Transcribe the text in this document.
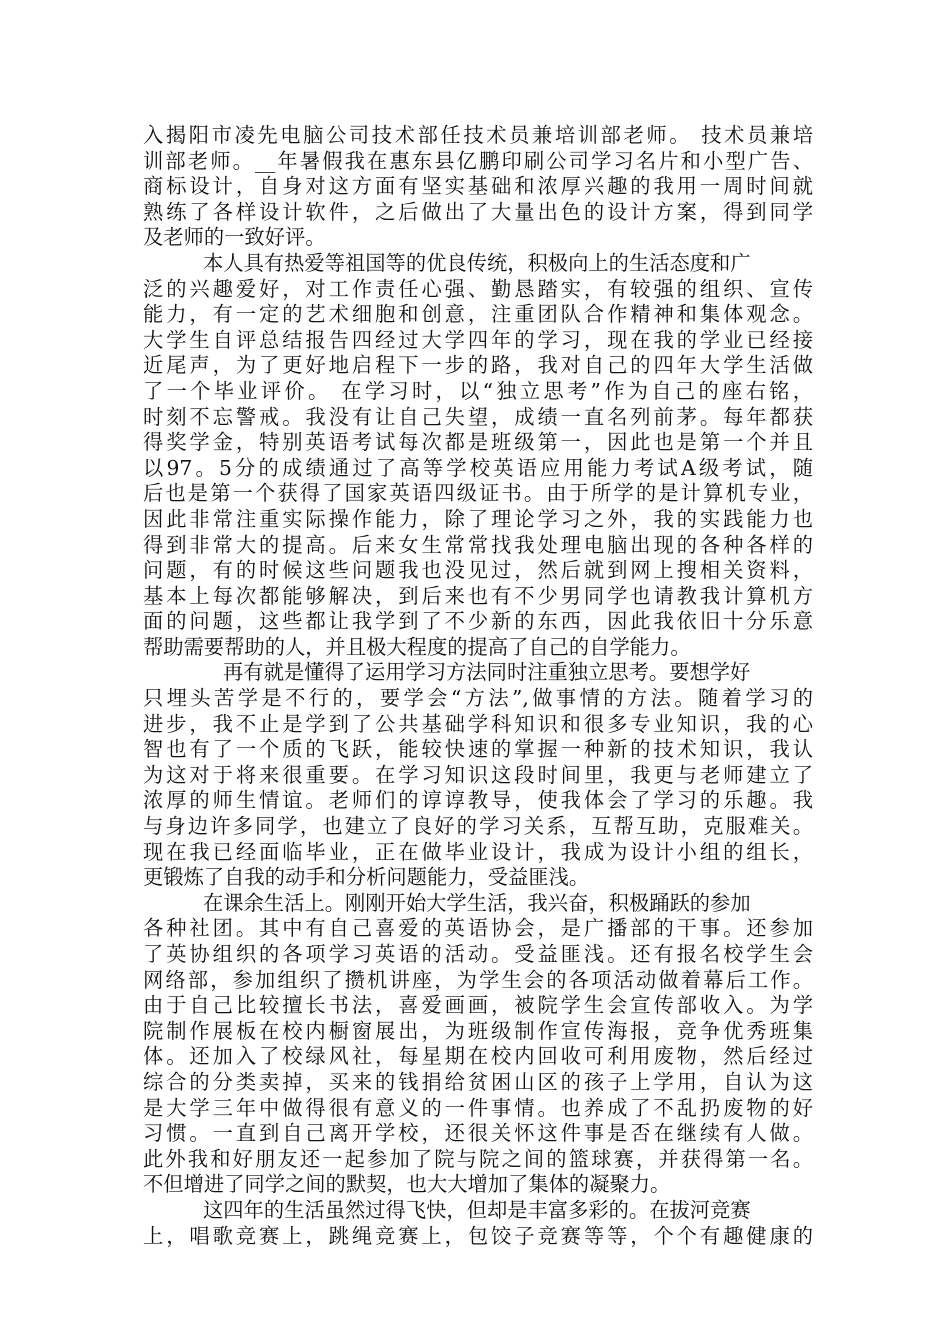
入揭阳市凌先电脑公司技术部任技术员兼培训部老师。 技术员兼培
训部老师。__年暑假我在惠东县亿鹏印刷公司学习名片和小型广告、
商标设计，自身对这方面有坚实基础和浓厚兴趣的我用一周时间就
熟练了各样设计软件，之后做出了大量出色的设计方案，得到同学
及老师的一致好评。
本人具有热爱等祖国等的优良传统，积极向上的生活态度和广
泛的兴趣爱好，对工作责任心强、勤恳踏实，有较强的组织、宣传
能力，有一定的艺术细胞和创意，注重团队合作精神和集体观念。
大学生自评总结报告四经过大学四年的学习，现在我的学业已经接
近尾声，为了更好地启程下一步的路，我对自己的四年大学生活做
了一个毕业评价。 在学习时，以“独立思考”作为自己的座右铭，
时刻不忘警戒。我没有让自己失望，成绩一直名列前茅。每年都获
得奖学金，特别英语考试每次都是班级第一，因此也是第一个并且
以97。5分的成绩通过了高等学校英语应用能力考试A级考试，随
后也是第一个获得了国家英语四级证书。由于所学的是计算机专业，
因此非常注重实际操作能力，除了理论学习之外，我的实践能力也
得到非常大的提高。后来女生常常找我处理电脑出现的各种各样的
问题，有的时候这些问题我也没见过，然后就到网上搜相关资料，
基本上每次都能够解决，到后来也有不少男同学也请教我计算机方
面的问题，这些都让我学到了不少新的东西，因此我依旧十分乐意
帮助需要帮助的人，并且极大程度的提高了自己的自学能力。
再有就是懂得了运用学习方法同时注重独立思考。要想学好
只埋头苦学是不行的，要学会“方法”,做事情的方法。随着学习的
进步，我不止是学到了公共基础学科知识和很多专业知识，我的心
智也有了一个质的飞跃，能较快速的掌握一种新的技术知识，我认
为这对于将来很重要。在学习知识这段时间里，我更与老师建立了
浓厚的师生情谊。老师们的谆谆教导，使我体会了学习的乐趣。我
与身边许多同学，也建立了良好的学习关系，互帮互助，克服难关。
现在我已经面临毕业，正在做毕业设计，我成为设计小组的组长，
更锻炼了自我的动手和分析问题能力，受益匪浅。
在课余生活上。刚刚开始大学生活，我兴奋，积极踊跃的参加
各种社团。其中有自己喜爱的英语协会，是广播部的干事。还参加
了英协组织的各项学习英语的活动。受益匪浅。还有报名校学生会
网络部，参加组织了攒机讲座，为学生会的各项活动做着幕后工作。
由于自己比较擅长书法，喜爱画画，被院学生会宣传部收入。为学
院制作展板在校内橱窗展出，为班级制作宣传海报，竞争优秀班集
体。还加入了校绿风社，每星期在校内回收可利用废物，然后经过
综合的分类卖掉，买来的钱捐给贫困山区的孩子上学用，自认为这
是大学三年中做得很有意义的一件事情。也养成了不乱扔废物的好
习惯。一直到自己离开学校，还很关怀这件事是否在继续有人做。
此外我和好朋友还一起参加了院与院之间的篮球赛，并获得第一名。
不但增进了同学之间的默契，也大大增加了集体的凝聚力。
这四年的生活虽然过得飞快，但却是丰富多彩的。在拔河竞赛
上，唱歌竞赛上，跳绳竞赛上，包饺子竞赛等等，个个有趣健康的
